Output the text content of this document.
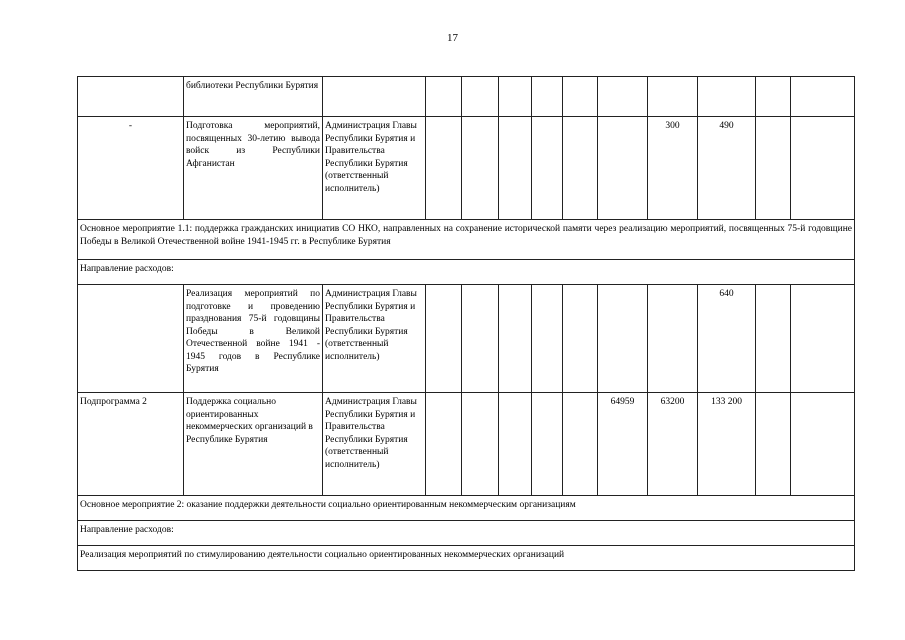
17
	библиотеки Республики Бурятия											
-	Подготовка мероприятий, посвященных 30-летию вывода войск из Республики Афганистан	Администрация Главы Республики Бурятия и Правительства Республики Бурятия (ответственный исполнитель)							300	490		
Основное мероприятие 1.1: поддержка гражданских инициатив СО НКО, направленных на сохранение исторической памяти через реализацию мероприятий, посвященных 75-й годовщине Победы в Великой Отечественной войне 1941-1945 гг. в Республике Бурятия												
Направление расходов:												
	Реализация мероприятий по подготовке и проведению празднования 75-й годовщины Победы в Великой Отечественной войне 1941 - 1945 годов в Республике Бурятия	Администрация Главы Республики Бурятия и Правительства Республики Бурятия (ответственный исполнитель)								640		
Подпрограмма 2	Поддержка социально ориентированных некоммерческих организаций в Республике Бурятия	Администрация Главы Республики Бурятия и Правительства Республики Бурятия (ответственный исполнитель)						64959	63200	133 200		
Основное мероприятие 2: оказание поддержки деятельности социально ориентированным некоммерческим организациям												
Направление расходов:												
Реализация мероприятий по стимулированию деятельности социально ориентированных некоммерческих организаций												
